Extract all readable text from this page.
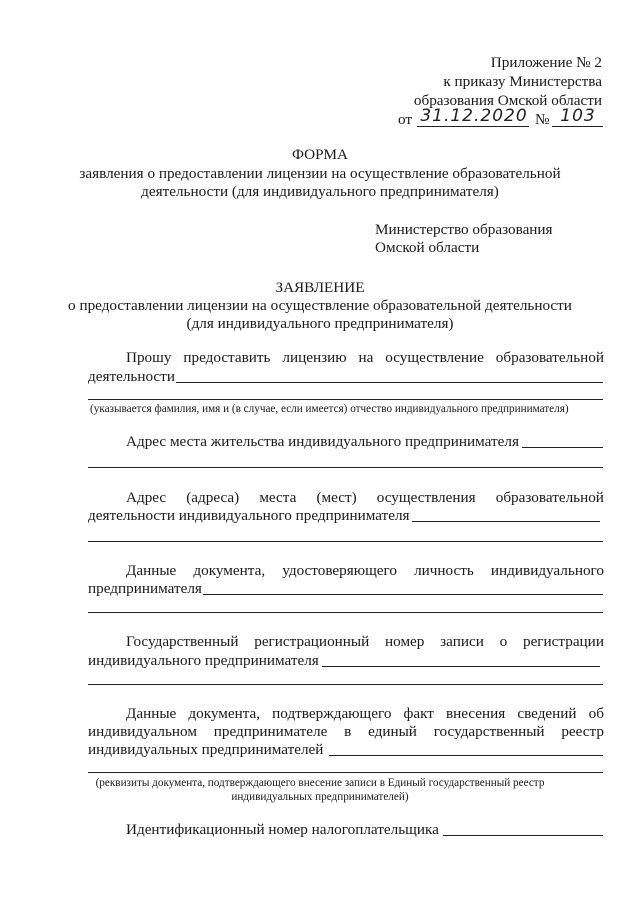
Приложение № 2
к приказу Министерства
образования Омской области
от 31.12.2020 № 103
ФОРМА
заявления о предоставлении лицензии на осуществление образовательной
деятельности (для индивидуального предпринимателя)
Министерство образования
Омской области
ЗАЯВЛЕНИЕ
о предоставлении лицензии на осуществление образовательной деятельности
(для индивидуального предпринимателя)
Прошу предоставить лицензию на осуществление образовательной
деятельности
(указывается фамилия, имя и (в случае, если имеется) отчество индивидуального предпринимателя)
Адрес места жительства индивидуального предпринимателя
Адрес (адреса) места (мест) осуществления образовательной
деятельности индивидуального предпринимателя
Данные документа, удостоверяющего личность индивидуального
предпринимателя
Государственный регистрационный номер записи о регистрации
индивидуального предпринимателя
Данные документа, подтверждающего факт внесения сведений об
индивидуальном предпринимателе в единый государственный реестр
индивидуальных предпринимателей
(реквизиты документа, подтверждающего внесение записи в Единый государственный реестр
индивидуальных предпринимателей)
Идентификационный номер налогоплательщика
